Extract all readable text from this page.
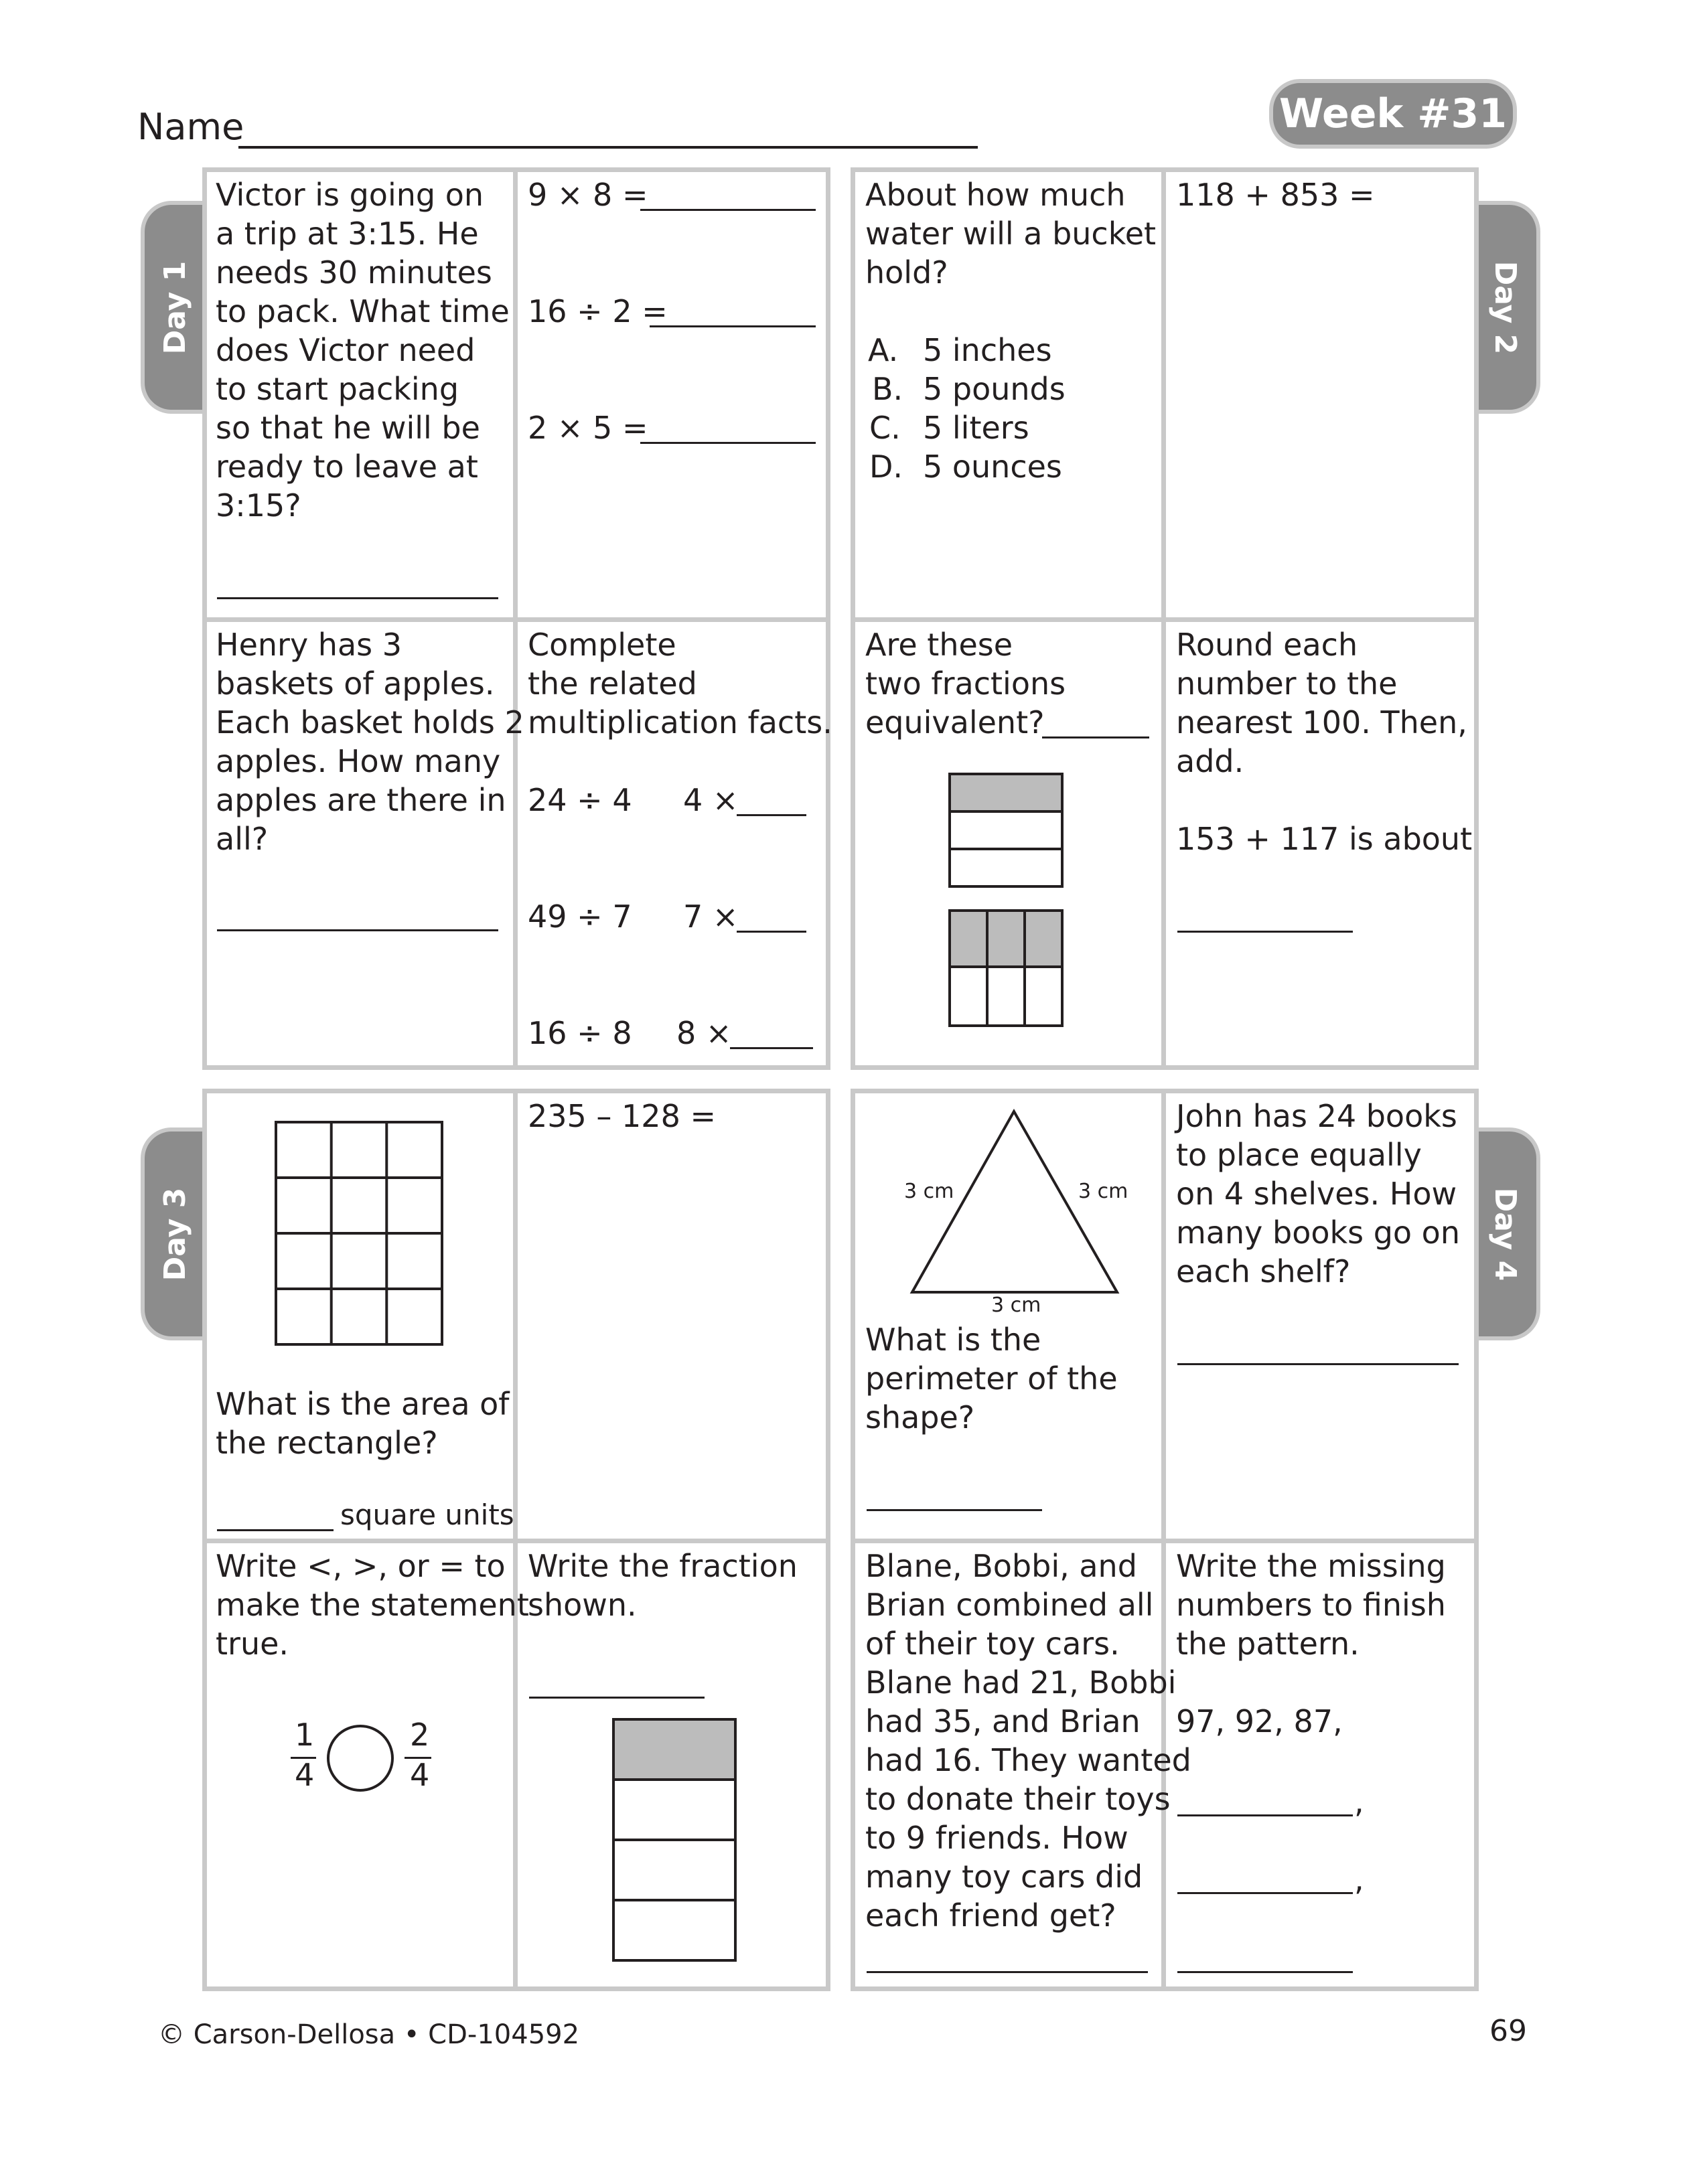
Name	Week #31
Day 1	Day 2
Day 3	Day 4
Victor is going on
a trip at 3:15. He
needs 30 minutes
to pack. What time
does Victor need
to start packing
so that he will be
ready to leave at
3:15?
9 × 8 =
16 ÷ 2 =
2 × 5 =
Henry has 3
baskets of apples.
Each basket holds 2
apples. How many
apples are there in
all?
Complete
the related
multiplication facts.
24 ÷ 4 4 ×
49 ÷ 7 7 ×
16 ÷ 8 8 ×
About how much
water will a bucket
hold?
A. 5 inches
B. 5 pounds
C. 5 liters
D. 5 ounces
118 + 853 =
Are these
two fractions
equivalent?
Round each
number to the
nearest 100. Then,
add.
153 + 117 is about
What is the area of
the rectangle?
square units
235 – 128 =
Write <, >, or = to
make the statement
true.
1
4
2
4
Write the fraction
shown.
3 cm	3 cm
3 cm
What is the
perimeter of the
shape?
John has 24 books
to place equally
on 4 shelves. How
many books go on
each shelf?
Blane, Bobbi, and
Brian combined all
of their toy cars.
Blane had 21, Bobbi
had 35, and Brian
had 16. They wanted
to donate their toys
to 9 friends. How
many toy cars did
each friend get?
Write the missing
numbers to finish
the pattern.
97, 92, 87,
,
,
© Carson-Dellosa • CD-104592	69
